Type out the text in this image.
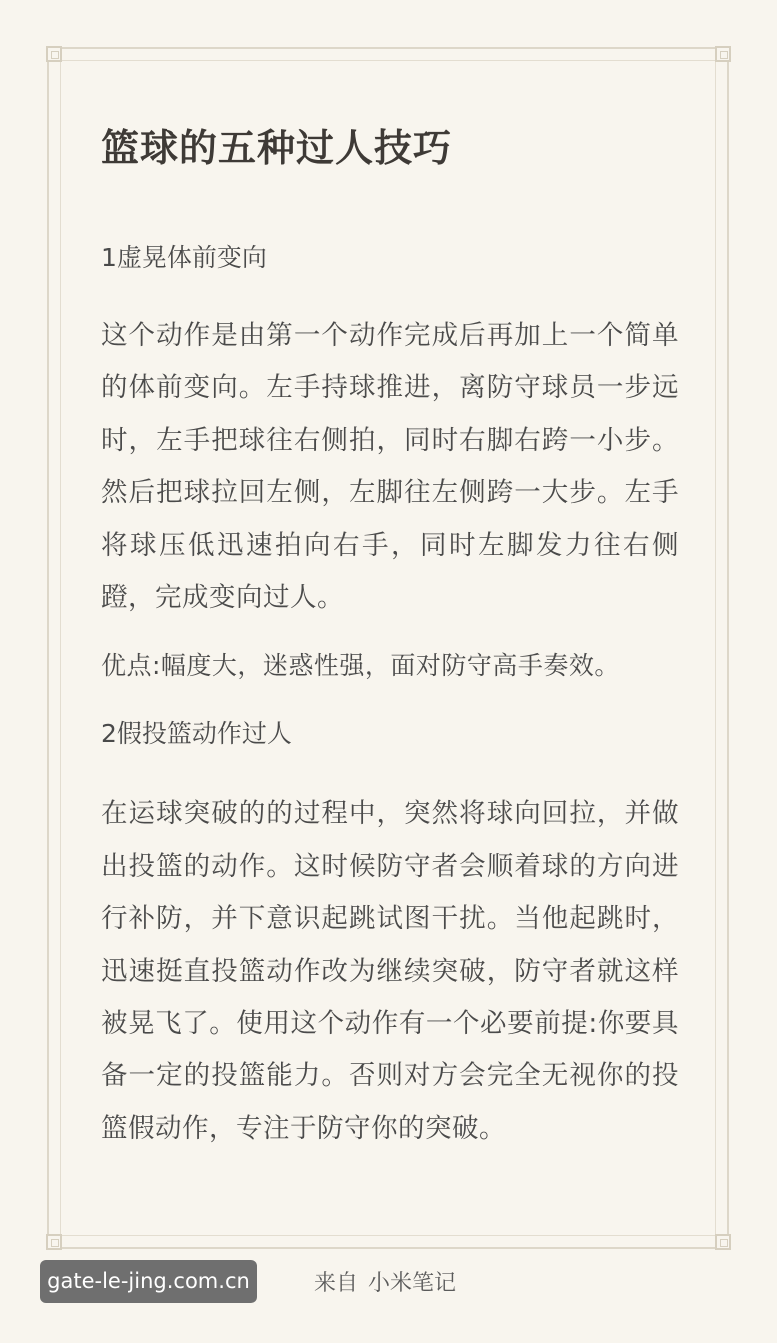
篮球的五种过人技巧

1虚晃体前变向

这个动作是由第一个动作完成后再加上一个简单的体前变向。左手持球推进，离防守球员一步远时，左手把球往右侧拍，同时右脚右跨一小步。然后把球拉回左侧，左脚往左侧跨一大步。左手将球压低迅速拍向右手，同时左脚发力往右侧蹬，完成变向过人。

优点:幅度大，迷惑性强，面对防守高手奏效。

2假投篮动作过人

在运球突破的的过程中，突然将球向回拉，并做出投篮的动作。这时候防守者会顺着球的方向进行补防，并下意识起跳试图干扰。当他起跳时，迅速挺直投篮动作改为继续突破，防守者就这样被晃飞了。使用这个动作有一个必要前提:你要具备一定的投篮能力。否则对方会完全无视你的投篮假动作，专注于防守你的突破。

gate-le-jing.com.cn	来自 小米笔记
